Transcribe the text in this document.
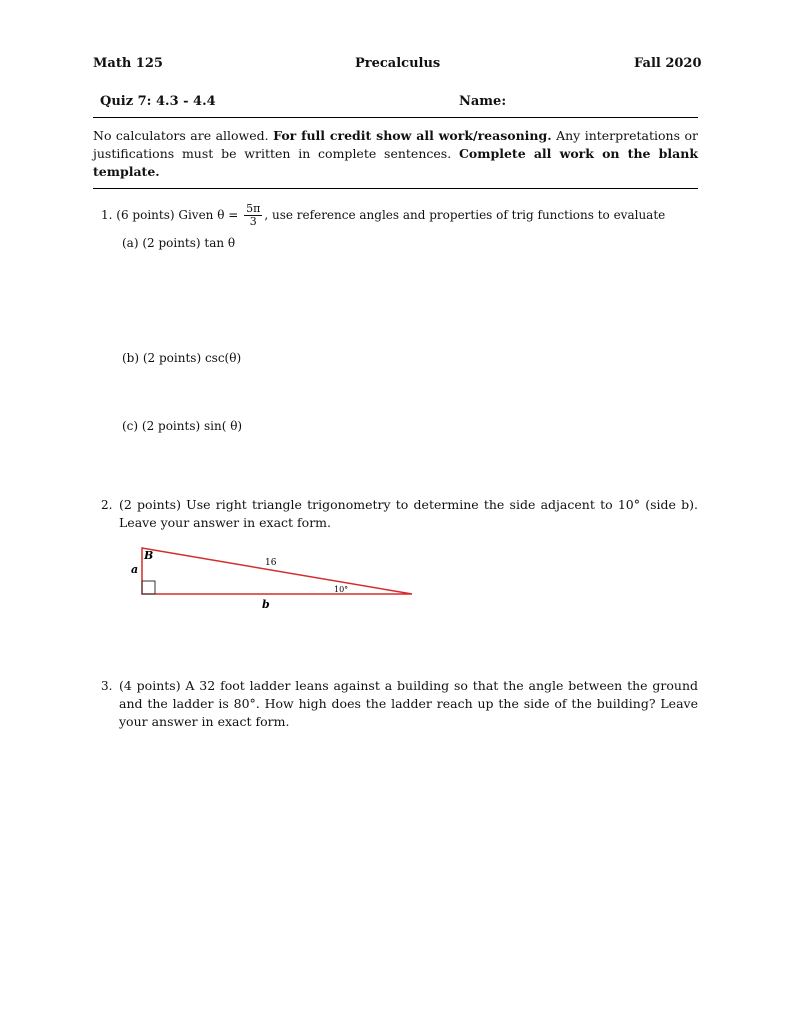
Math 125	Precalculus	Fall 2020
Quiz 7: 4.3 - 4.4	Name:
No calculators are allowed. For full credit show all work/reasoning. Any interpretations or justifications must be written in complete sentences. Complete all work on the blank template.
1. (6 points) Given $\theta = \frac{5\pi}{3}$ , use reference angles and properties of trig functions to evaluate
(a) (2 points) tan θ
(b) (2 points) csc(θ)
(c) (2 points) sin( θ)
2. (2 points) Use right triangle trigonometry to determine the side adjacent to 10° (side b). Leave your answer in exact form.
B
a	16
10°
b
3. (4 points) A 32 foot ladder leans against a building so that the angle between the ground and the ladder is 80°. How high does the ladder reach up the side of the building? Leave your answer in exact form.
